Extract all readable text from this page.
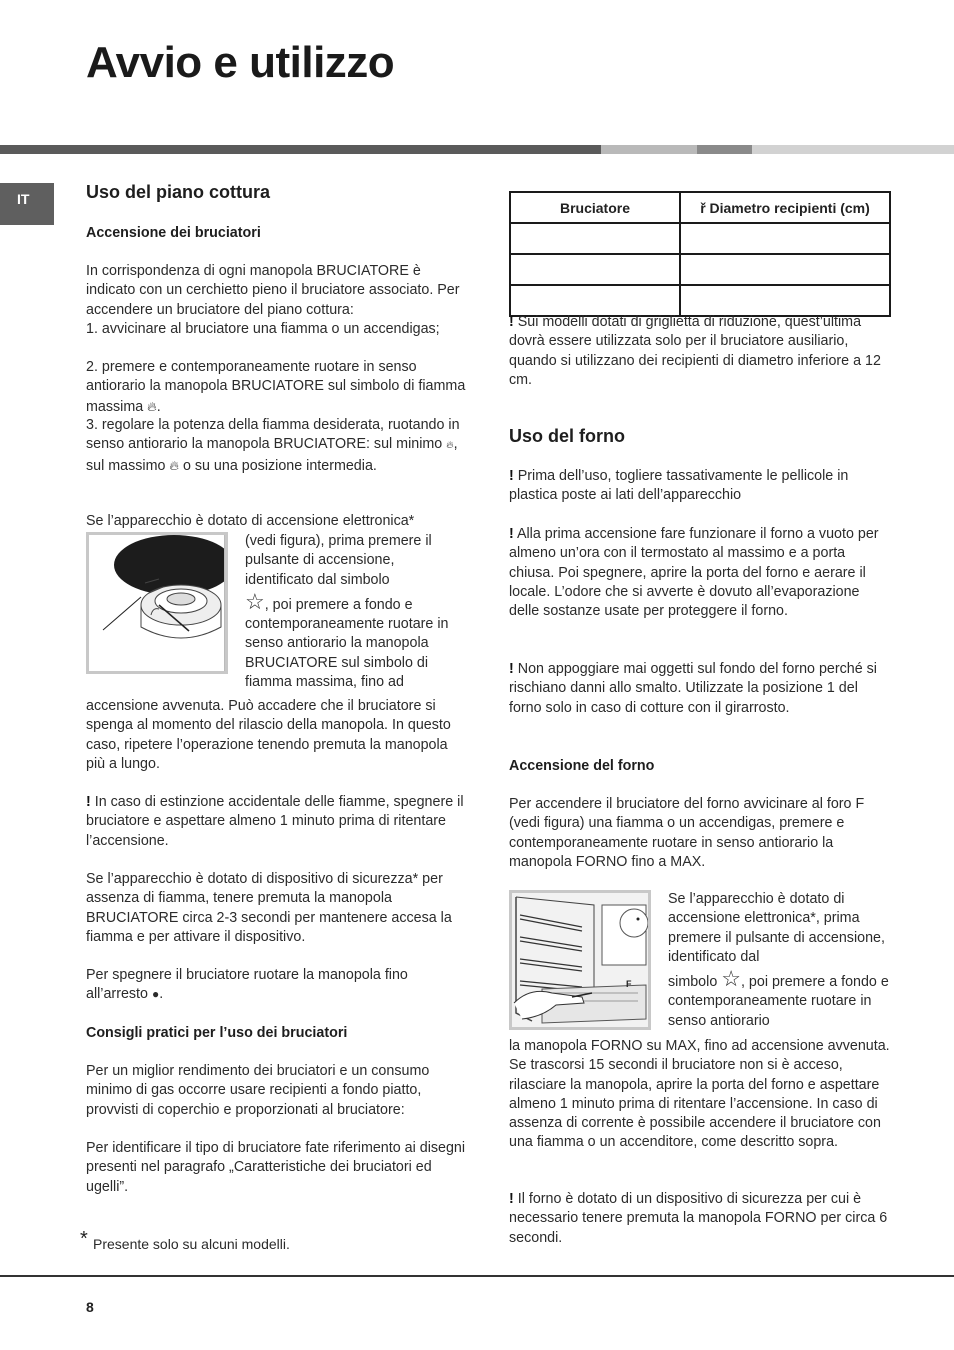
Avvio e utilizzo
IT	Uso del piano cottura
Accensione dei bruciatori
In corrispondenza di ogni manopola BRUCIATORE è indicato con un cerchietto pieno il bruciatore associato. Per accendere un bruciatore del piano cottura:
1. avvicinare al bruciatore una fiamma o un accendigas;
2. premere e contemporaneamente ruotare in senso antiorario la manopola BRUCIATORE sul simbolo di fiamma massima 🔥︎.
3. regolare la potenza della fiamma desiderata, ruotando in senso antiorario la manopola BRUCIATORE: sul minimo 🔥︎, sul massimo 🔥︎ o su una posizione intermedia.
Se l’apparecchio è dotato di accensione elettronica*
(vedi figura), prima premere il pulsante di accensione, identificato dal simbolo
☆, poi premere a fondo e contemporaneamente ruotare in senso antiorario la manopola BRUCIATORE sul simbolo di fiamma massima, fino ad
accensione avvenuta. Può accadere che il bruciatore si spenga al momento del rilascio della manopola. In questo caso, ripetere l’operazione tenendo premuta la manopola più a lungo.
! In caso di estinzione accidentale delle fiamme, spegnere il bruciatore e aspettare almeno 1 minuto prima di ritentare l’accensione.
Se l’apparecchio è dotato di dispositivo di sicurezza* per assenza di fiamma, tenere premuta la manopola BRUCIATORE circa 2-3 secondi per mantenere accesa la fiamma e per attivare il dispositivo.
Per spegnere il bruciatore ruotare la manopola fino all’arresto ●.
Consigli pratici per l’uso dei bruciatori
Per un miglior rendimento dei bruciatori e un consumo minimo di gas occorre usare recipienti a fondo piatto, provvisti di coperchio e proporzionati al bruciatore:
Per identificare il tipo di bruciatore fate riferimento ai disegni presenti nel paragrafo „Caratteristiche dei bruciatori ed ugelli”.
Bruciatore	ř Diametro recipienti (cm)

! Sui modelli dotati di griglietta di riduzione, quest’ultima dovrà essere utilizzata solo per il bruciatore ausiliario, quando si utilizzano dei recipienti di diametro inferiore a 12 cm.
Uso del forno
! Prima dell’uso, togliere tassativamente le pellicole in plastica poste ai lati dell’apparecchio
! Alla prima accensione fare funzionare il forno a vuoto per almeno un’ora con il termostato al massimo e a porta chiusa. Poi spegnere, aprire la porta del forno e aerare il locale. L’odore che si avverte è dovuto all’evaporazione delle sostanze usate per proteggere il forno.
! Non appoggiare mai oggetti sul fondo del forno perché si rischiano danni allo smalto. Utilizzate la posizione 1 del forno solo in caso di cotture con il girarrosto.
Accensione del forno
Per accendere il bruciatore del forno avvicinare al foro F (vedi figura) una fiamma o un accendigas, premere e contemporaneamente ruotare in senso antiorario la manopola FORNO fino a MAX.
Se l’apparecchio è dotato di accensione elettronica*, prima premere il pulsante di accensione, identificato dal
simbolo ☆, poi premere a fondo e contemporaneamente ruotare in senso antiorario
la manopola FORNO su MAX, fino ad accensione avvenuta. Se trascorsi 15 secondi il bruciatore non si è acceso, rilasciare la manopola, aprire la porta del forno e aspettare almeno 1 minuto prima di ritentare l’accensione. In caso di assenza di corrente è possibile accendere il bruciatore con una fiamma o un accenditore, come descritto sopra.
! Il forno è dotato di un dispositivo di sicurezza per cui è necessario tenere premuta la manopola FORNO per circa 6 secondi.
F
* Presente solo su alcuni modelli.
8
